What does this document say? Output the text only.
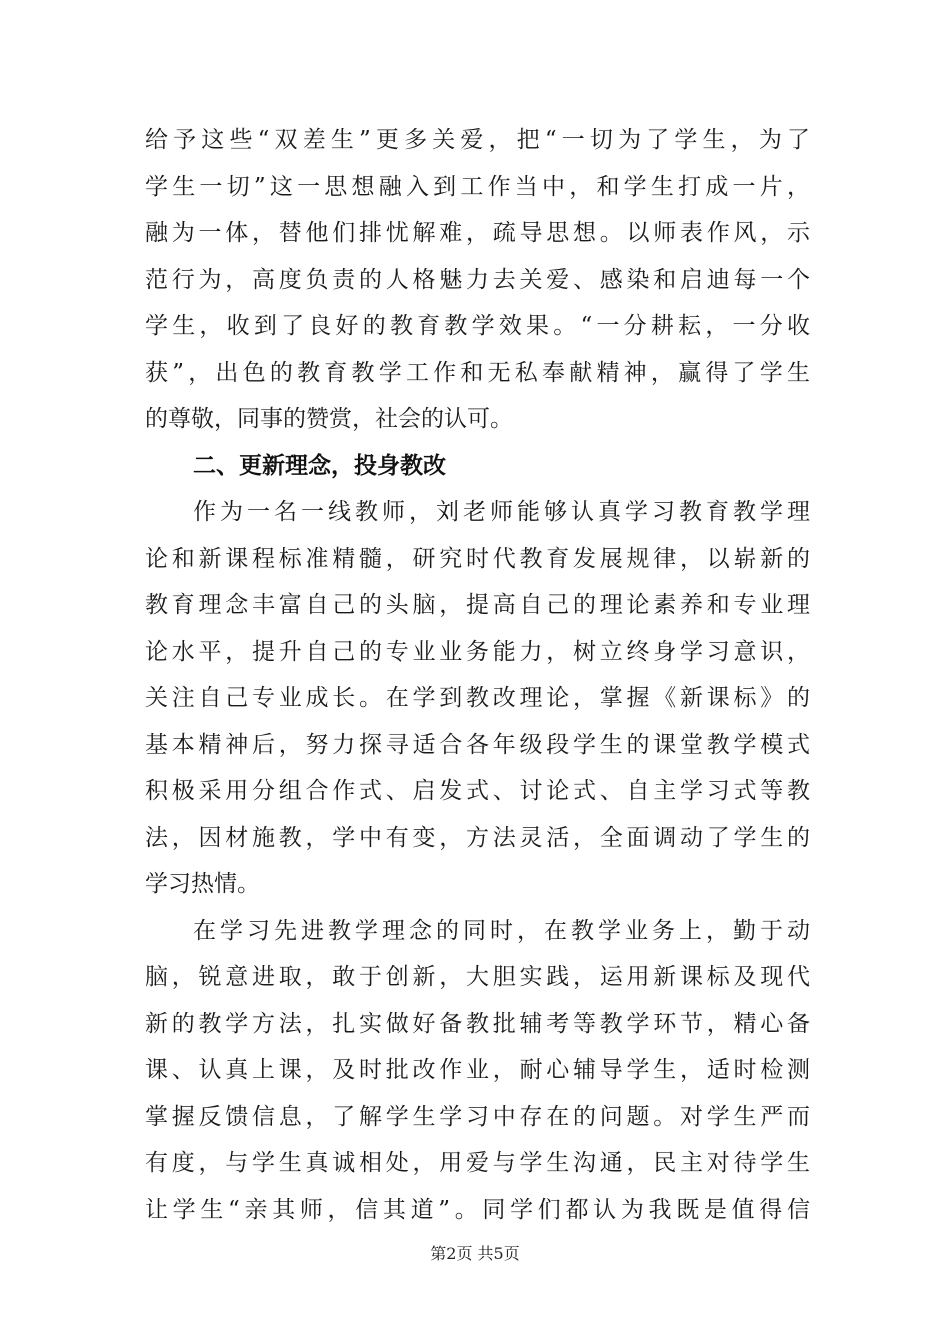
给予这些“双差生”更多关爱，把“一切为了学生，为了
学生一切”这一思想融入到工作当中，和学生打成一片，
融为一体，替他们排忧解难，疏导思想。以师表作风，示
范行为，高度负责的人格魅力去关爱、感染和启迪每一个
学生，收到了良好的教育教学效果。“一分耕耘，一分收
获”，出色的教育教学工作和无私奉献精神，赢得了学生
的尊敬，同事的赞赏，社会的认可。
二、更新理念，投身教改
作为一名一线教师，刘老师能够认真学习教育教学理
论和新课程标准精髓，研究时代教育发展规律，以崭新的
教育理念丰富自己的头脑，提高自己的理论素养和专业理
论水平，提升自己的专业业务能力，树立终身学习意识，
关注自己专业成长。在学到教改理论，掌握《新课标》的
基本精神后，努力探寻适合各年级段学生的课堂教学模式
积极采用分组合作式、启发式、讨论式、自主学习式等教
法，因材施教，学中有变，方法灵活，全面调动了学生的
学习热情。
在学习先进教学理念的同时，在教学业务上，勤于动
脑，锐意进取，敢于创新，大胆实践，运用新课标及现代
新的教学方法，扎实做好备教批辅考等教学环节，精心备
课、认真上课，及时批改作业，耐心辅导学生，适时检测
掌握反馈信息，了解学生学习中存在的问题。对学生严而
有度，与学生真诚相处，用爱与学生沟通，民主对待学生
让学生“亲其师，信其道”。同学们都认为我既是值得信
第2页 共5页
